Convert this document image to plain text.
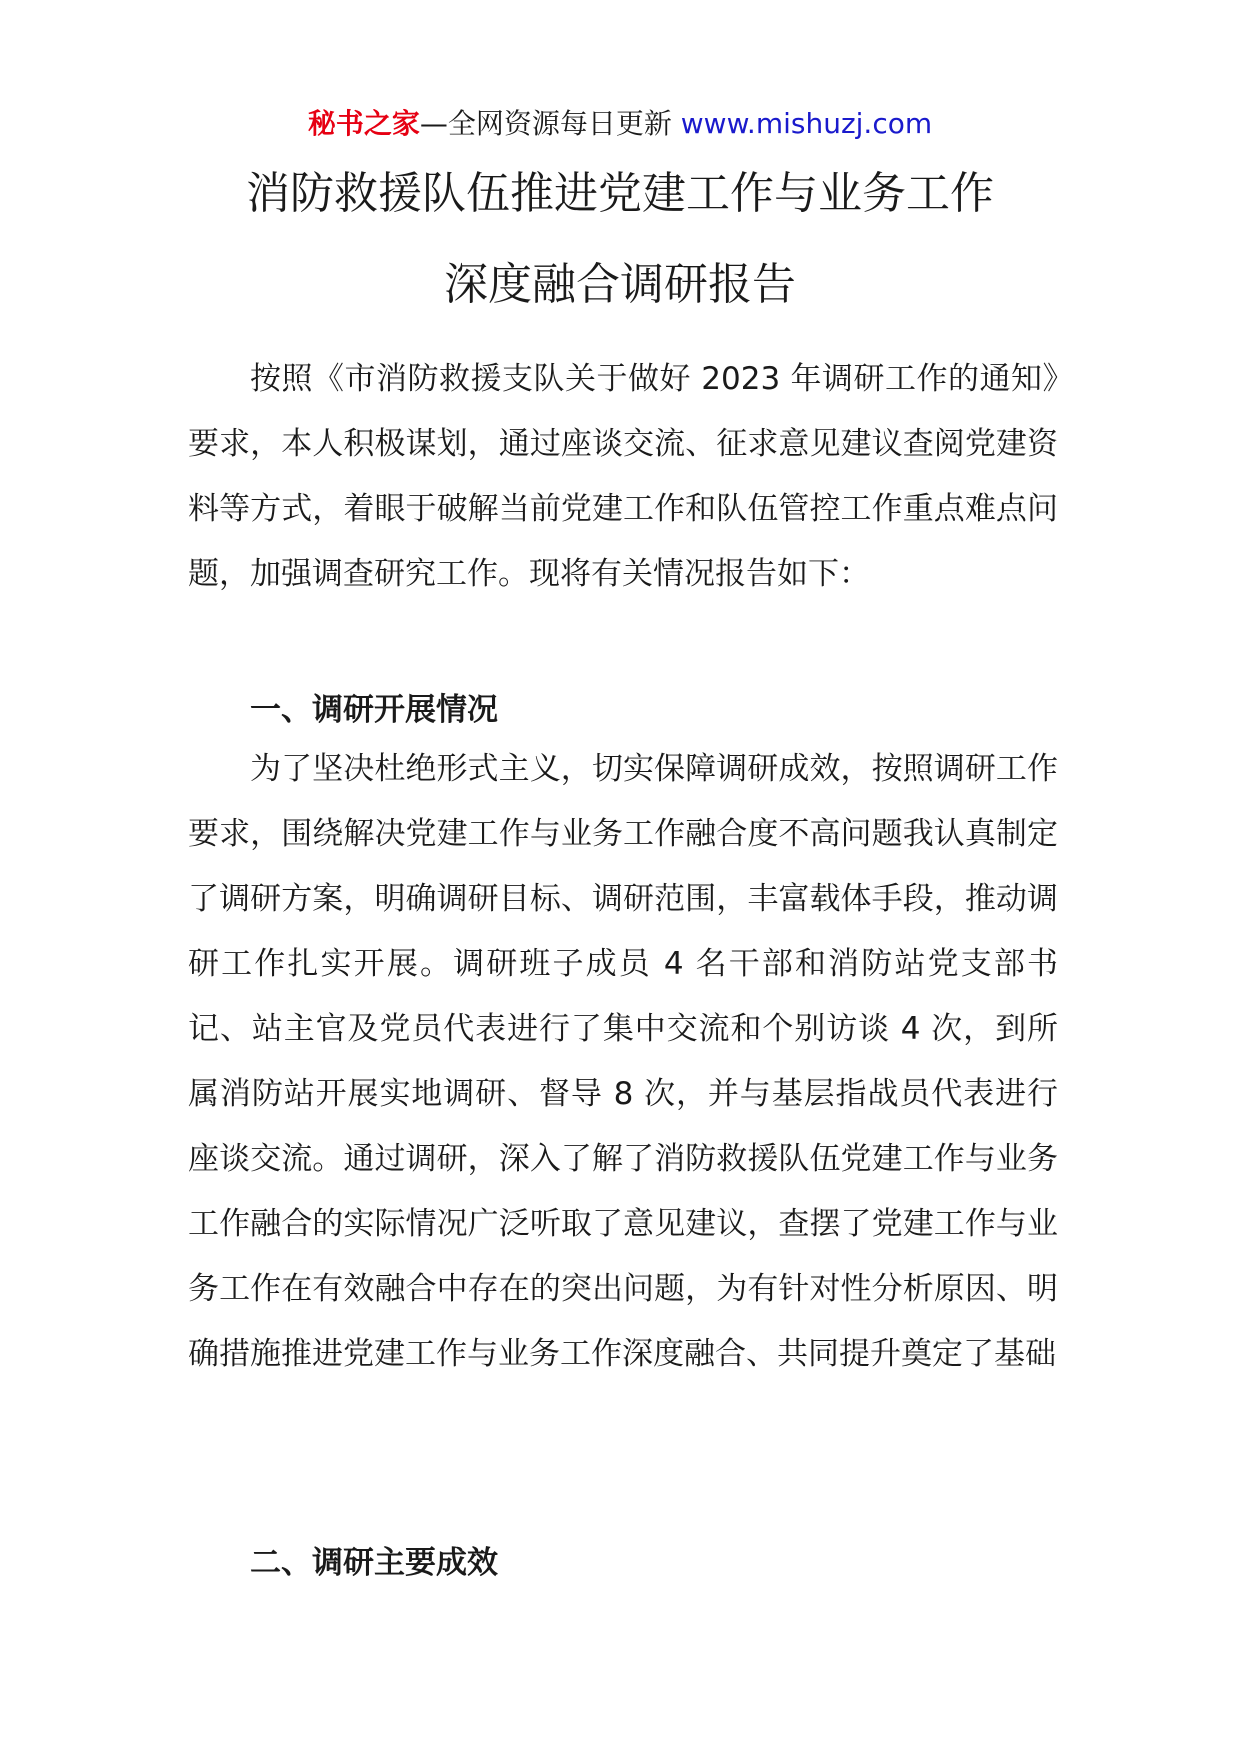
秘书之家—全网资源每日更新 www.mishuzj.com
消防救援队伍推进党建工作与业务工作
深度融合调研报告

按照《市消防救援支队关于做好 2023 年调研工作的通知》要求，本人积极谋划，通过座谈交流、征求意见建议查阅党建资料等方式，着眼于破解当前党建工作和队伍管控工作重点难点问题，加强调查研究工作。现将有关情况报告如下：

一、调研开展情况

为了坚决杜绝形式主义，切实保障调研成效，按照调研工作要求，围绕解决党建工作与业务工作融合度不高问题我认真制定了调研方案，明确调研目标、调研范围，丰富载体手段，推动调研工作扎实开展。调研班子成员 4 名干部和消防站党支部书记、站主官及党员代表进行了集中交流和个别访谈 4 次，到所属消防站开展实地调研、督导 8 次，并与基层指战员代表进行座谈交流。通过调研，深入了解了消防救援队伍党建工作与业务工作融合的实际情况广泛听取了意见建议，查摆了党建工作与业务工作在有效融合中存在的突出问题，为有针对性分析原因、明确措施推进党建工作与业务工作深度融合、共同提升奠定了基础

二、调研主要成效
